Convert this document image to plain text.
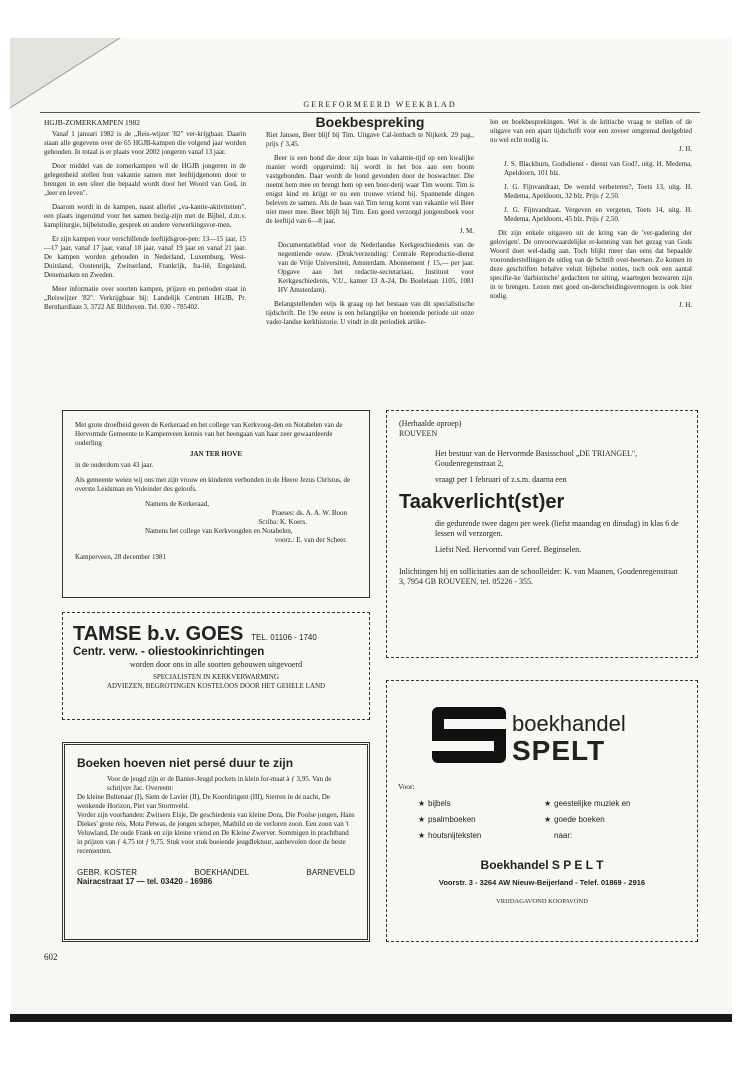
GEREFORMEERD WEEKBLAD
HGJB-ZOMERKAMPEN 1982

Vanaf 1 januari 1982 is de „Reis-wijzer '82" ver-krijgbaar. Daarin staan alle gegevens over de 65 HGJB-kampen die volgend jaar worden gehouden. In totaal is er plaats voor 2002 jongeren vanaf 13 jaar.

Door middel van de zomerkampen wil de HGJB jongeren in de gelegenheid stellen hun vakantie samen met leeftijdgenoten door te brengen in een sfeer die bepaald wordt door het Woord van God, in „leer en leven".

Daarom wordt in de kampen, naast allerlei „va-kantie-aktiviteiten", een plaats ingeruimd voor het samen bezig-zijn met de Bijbel, d.m.v. kampliturgie, bijbelstudie, gesprek en andere verwerkingsvor-men.

Er zijn kampen voor verschillende leeftijdsgroe-pen: 13—15 jaar, 15—17 jaar, vanaf 17 jaar, vanaf 18 jaar, vanaf 19 jaar en vanaf 21 jaar. De kampen worden gehouden in Nederland, Luxemburg, West-Duitsland, Oostenrijk, Zwitserland, Frankrijk, Ita-lië, Engeland, Denemarken en Zweden.

Meer informatie over soorten kampen, prijzen en perioden staat in „Reiswijzer '82". Verkrijgbaar bij: Landelijk Centrum HGJB, Pr. Bernhardlaan 3, 3722 AE Bilthoven. Tel. 030 - 785402.

Boekbespreking

Riet Jansen, Beer blijf bij Tim. Uitgave Cal-lenbach te Nijkerk. 29 pag., prijs ƒ 3,45.

Beer is een hond die door zijn baas in vakantie-tijd op een kwalijke manier wordt opgeruimd: hij wordt in het bos aan een boom vastgebonden. Daar wordt de hond gevonden door de boswachter. Die neemt hem mee en brengt hem op een boer-derij waar Tim woont. Tim is enigst kind en krijgt er nu een trouwe vriend bij. Spannende dingen beleven ze samen. Als de baas van Tim terug komt van vakantie wil Beer niet meer mee. Beer blijft bij Tim. Een goed verzorgd jongensboek voor de leeftijd van 6—8 jaar.

J. M.

Documentatieblad voor de Nederlandse Kerkgeschiedenis van de negentiende eeuw. (Druk/verzending: Centrale Reproductie-dienst van de Vrije Universiteit, Amsterdam. Abonnement ƒ 15,— per jaar. Opgave aan het redactie-secretariaat, Instituut voor Kerkgeschiedenis, V.U., kamer 13 A-24, De Boelelaan 1105, 1081 HV Amsterdam).

Belangstellenden wijs ik graag op het bestaan van dit specialistische tijdschrift. De 19e eeuw is een belangrijke en boeiende periode uit onze vader-landse kerkhistorie. U vindt in dit periodiek artike-

len en boekbesprekingen. Wel is de kritische vraag te stellen of de uitgave van een apart tijdschrift voor een zoveer omgrensd deelgebied nu wel echt nodig is.

J. H.

J. S. Blackburn, Godsdienst - dienst van God?, uitg. H. Medema, Apeldoorn, 101 blz.

J. G. Fijnvandraat, De wereld verbeteren?, Toets 13, uitg. H. Medema, Apeldoorn, 32 blz. Prijs ƒ 2,50.

J. G. Fijnvandraat, Vergeven en vergeten, Toets 14, uitg. H. Medema, Apeldoorn, 45 blz. Prijs ƒ 2,50.

Dit zijn enkele uitgaven uit de kring van de 'ver-gadering der gelovigen'. De onvoorwaardelijke er-kenning van het gezag van Gods Woord doet wel-dadig aan. Toch blijkt meer dan eens dat bepaalde vooronderstellingen de uitleg van de Schrift over-heersen. Zo komen in deze geschriften behalve veluit bijbelse noties, toch ook een aantal specifie-ke 'darbistische' gedachten tot uiting, waartegen bezwaren zijn in te brengen. Lezen met goed on-derscheidingsvermogen is ook hier nodig.

J. H.
Met grote droefheid geven de Kerkeraad en het college van Kerkvoog-den en Notabelen van de Hervormde Gemeente te Kampenveen kennis van het heengaan van haar zeer gewaardeerde ouderling
JAN TER HOVE
in de ouderdom van 43 jaar.
Als gemeente weten wij ons met zijn vrouw en kinderen verbonden in de Heere Jezus Christus, de overste Leidsman en Voleinder des geloofs.
Namens de Kerkeraad,
Praeses: ds. A. A. W. Boon
Scriba: K. Koers.
Namens het college van Kerkvoogden en Notabelen,
voorz.: E. van der Scheer.
Kamperveen, 28 december 1981
(Herhaalde oproep)
ROUVEEN
Het bestuur van de Hervormde Basisschool „DE TRIANGEL", Goudenregenstraat 2,
vraagt per 1 februari of z.s.m. daarna een
Taakverlicht(st)er
die gedurende twee dagen per week (liefst maandag en dinsdag) in klas 6 de lessen wil verzorgen.
Liefst Ned. Hervormd van Geref. Beginselen.
Inlichtingen bij en sollicitaties aan de schoolleider: K. van Maanen, Goudenregenstraat 3, 7954 GB ROUVEEN, tel. 05226 - 355.
TAMSE b.v. GOES TEL. 01106 - 1740
Centr. verw. - oliestookinrichtingen
worden door ons in alle soorten gebouwen uitgevoerd
SPECIALISTEN IN KERKVERWARMING
ADVIEZEN, BEGROTINGEN KOSTELOOS DOOR HET GEHELE LAND
Boeken hoeven niet persé duur te zijn
Voor de jeugd zijn er de Banier-Jeugd pockets in klein for-maat à ƒ 3,95. Van de schrijver Jac. Overeem:
De kleine Bultenaar (I), Siem de Lavier (II), De Koordirigent (III), Sterren in de nacht, De wenkende Horizon, Piet van Stormveld.
Verder zijn voorhanden: Zwitsers Elsje, De geschiedenis van kleine Dora, Die Poolse jongen, Hans Diekes' grote reis, Mota Petwas, de jongen scheper, Mathild en de verloren zoon. Een zoon van 't Veluwland, De oude Frank en zijn kleine vriend en De Kleine Zwerver. Sommigen in prachtband in prijzen van ƒ 4,75 tot ƒ 9,75. Stuk voor stuk boeiende jeugdlektuur, aanbevolen door de beste recensenten.
GEBR. KOSTER	BOEKHANDEL	BARNEVELD
Nairacstraat 17 — tel. 03420 - 16986
boekhandel
SPELT
Voor:
★ bijbels
★ psalmboeken
★ houtsnijteksten
★ geestelijke muziek en
★ goede boeken
naar:
Boekhandel S P E L T
Voorstr. 3 - 3264 AW Nieuw-Beijerland - Telef. 01869 - 2916
VRIJDAGAVOND KOOPAVOND
602
